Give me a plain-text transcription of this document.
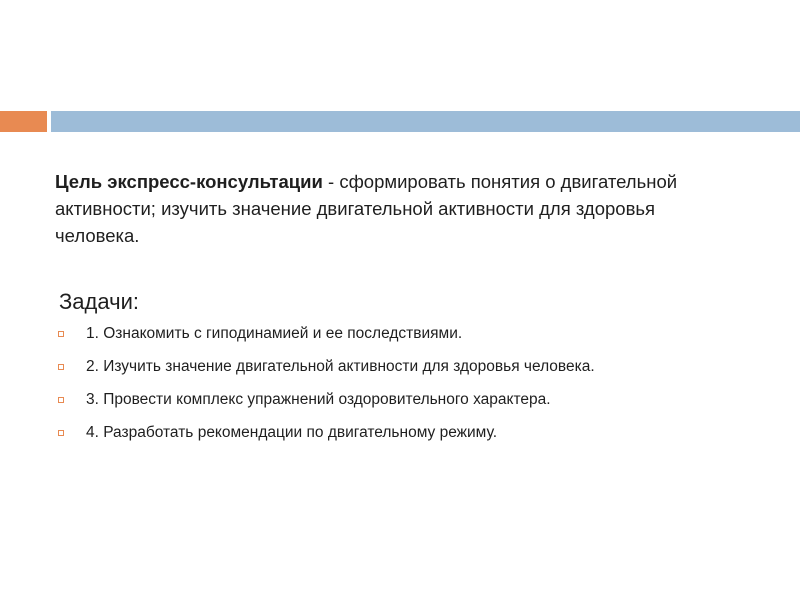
Цель экспресс-консультации - сформировать понятия о двигательной активности; изучить значение двигательной активности для здоровья человека.
Задачи:
1. Ознакомить с гиподинамией и ее последствиями.
2. Изучить значение двигательной активности для здоровья человека.
3. Провести комплекс упражнений оздоровительного характера.
4. Разработать рекомендации по двигательному режиму.
